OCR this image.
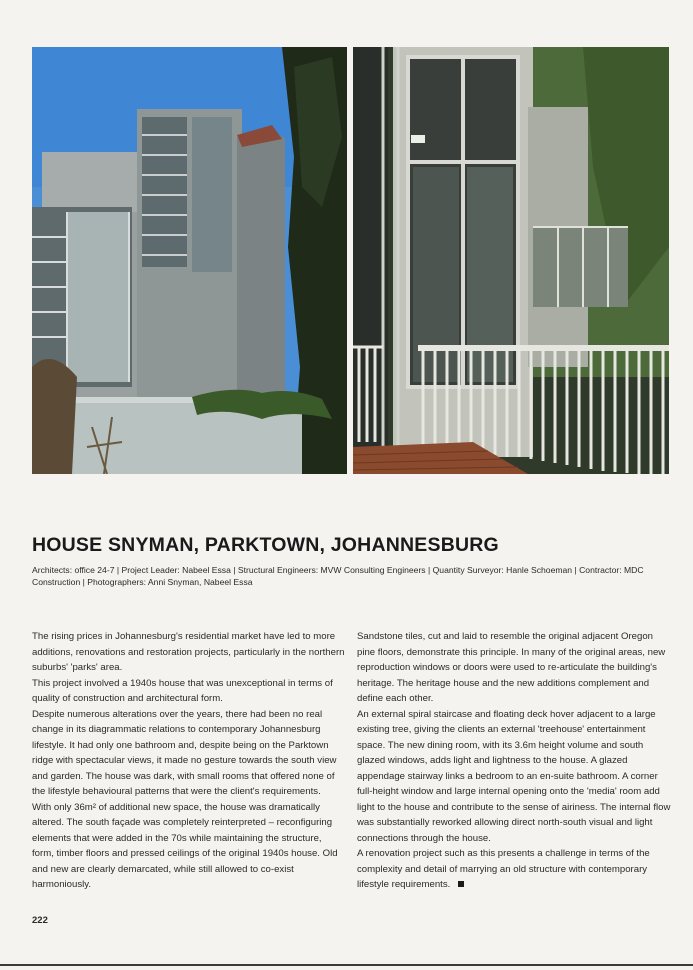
HOUSE SNYMAN, PARKTOWN, JOHANNESBURG

Architects: office 24-7 | Project Leader: Nabeel Essa | Structural Engineers: MVW Consulting Engineers | Quantity Surveyor: Hanle Schoeman | Contractor: MDC Construction | Photographers: Anni Snyman, Nabeel Essa

The rising prices in Johannesburg's residential market have led to more additions, renovations and restoration projects, particularly in the northern suburbs' 'parks' area.

This project involved a 1940s house that was unexceptional in terms of quality of construction and architectural form.

Despite numerous alterations over the years, there had been no real change in its diagrammatic relations to contemporary Johannesburg lifestyle. It had only one bathroom and, despite being on the Parktown ridge with spectacular views, it made no gesture towards the south view and garden. The house was dark, with small rooms that offered none of the lifestyle behavioural patterns that were the client's requirements.

With only 36m² of additional new space, the house was dramatically altered. The south façade was completely reinterpreted – reconfiguring elements that were added in the 70s while maintaining the structure, form, timber floors and pressed ceilings of the original 1940s house. Old and new are clearly demarcated, while still allowed to co-exist harmoniously.

Sandstone tiles, cut and laid to resemble the original adjacent Oregon pine floors, demonstrate this principle. In many of the original areas, new reproduction windows or doors were used to re-articulate the building's heritage. The heritage house and the new additions complement and define each other.

An external spiral staircase and floating deck hover adjacent to a large existing tree, giving the clients an external 'treehouse' entertainment space. The new dining room, with its 3.6m height volume and south glazed windows, adds light and lightness to the house. A glazed appendage stairway links a bedroom to an en-suite bathroom. A corner full-height window and large internal opening onto the 'media' room add light to the house and contribute to the sense of airiness. The internal flow was substantially reworked allowing direct north-south visual and light connections through the house.

A renovation project such as this presents a challenge in terms of the complexity and detail of marrying an old structure with contemporary lifestyle requirements.

222
